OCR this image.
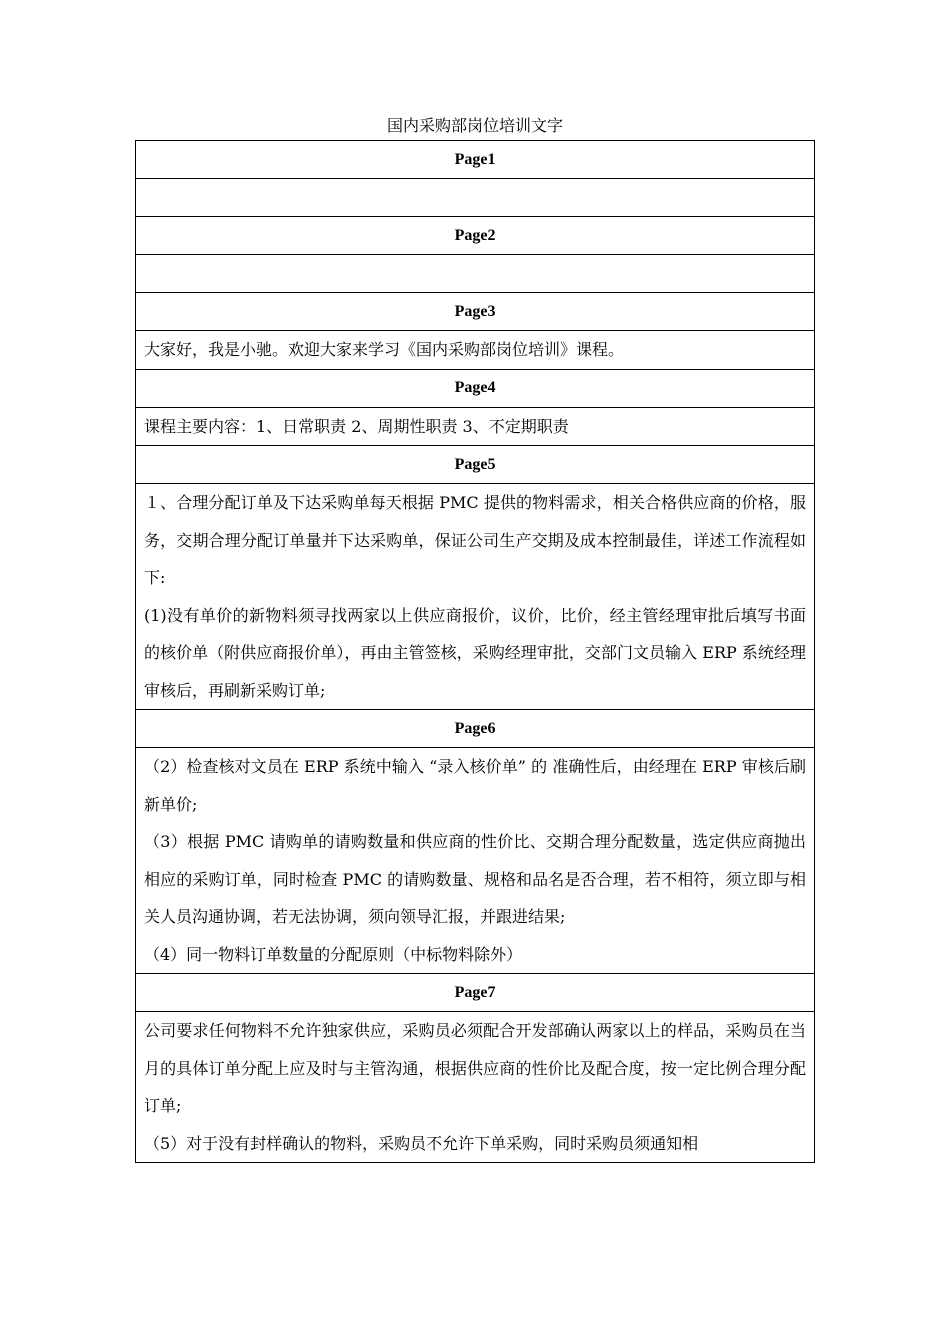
国内采购部岗位培训文字
Page1

Page2

Page3

大家好，我是小驰。欢迎大家来学习《国内采购部岗位培训》课程。

Page4

课程主要内容：1、日常职责 2、周期性职责 3、不定期职责

Page5

１、合理分配订单及下达采购单每天根据 PMC 提供的物料需求，相关合格供应商的价格，服务，交期合理分配订单量并下达采购单，保证公司生产交期及成本控制最佳，详述工作流程如下:
(1)没有单价的新物料须寻找两家以上供应商报价，议价，比价，经主管经理审批后填写书面的核价单（附供应商报价单），再由主管签核，采购经理审批，交部门文员输入 ERP 系统经理审核后，再刷新采购订单;

Page6

（2）检查核对文员在 ERP 系统中输入 “录入核价单” 的 准确性后，由经理在 ERP 审核后刷新单价;
（3）根据 PMC 请购单的请购数量和供应商的性价比、交期合理分配数量，选定供应商抛出相应的采购订单，同时检查 PMC 的请购数量、规格和品名是否合理，若不相符，须立即与相关人员沟通协调，若无法协调，须向领导汇报，并跟进结果;
（4）同一物料订单数量的分配原则（中标物料除外）

Page7

公司要求任何物料不允许独家供应，采购员必须配合开发部确认两家以上的样品，采购员在当月的具体订单分配上应及时与主管沟通，根据供应商的性价比及配合度，按一定比例合理分配订单;
（5）对于没有封样确认的物料，采购员不允许下单采购，同时采购员须通知相
